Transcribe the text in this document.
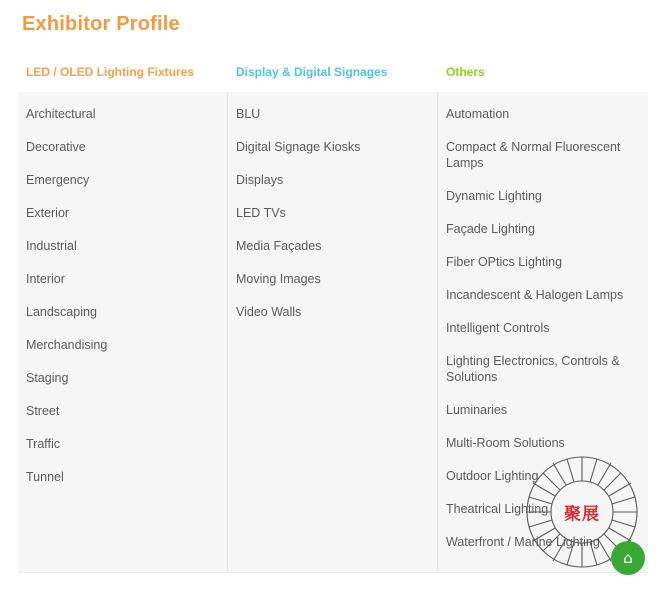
Exhibitor Profile
LED / OLED Lighting Fixtures
Architectural
Decorative
Emergency
Exterior
Industrial
Interior
Landscaping
Merchandising
Staging
Street
Traffic
Tunnel
Display & Digital Signages
BLU
Digital Signage Kiosks
Displays
LED TVs
Media Façades
Moving Images
Video Walls
Others
Automation
Compact & Normal Fluorescent Lamps
Dynamic Lighting
Façade Lighting
Fiber OPtics Lighting
Incandescent & Halogen Lamps
Intelligent Controls
Lighting Electronics, Controls & Solutions
Luminaries
Multi-Room Solutions
Outdoor Lighting
Theatrical Lighting
Waterfront / Marine Lighting
聚展
⌂
